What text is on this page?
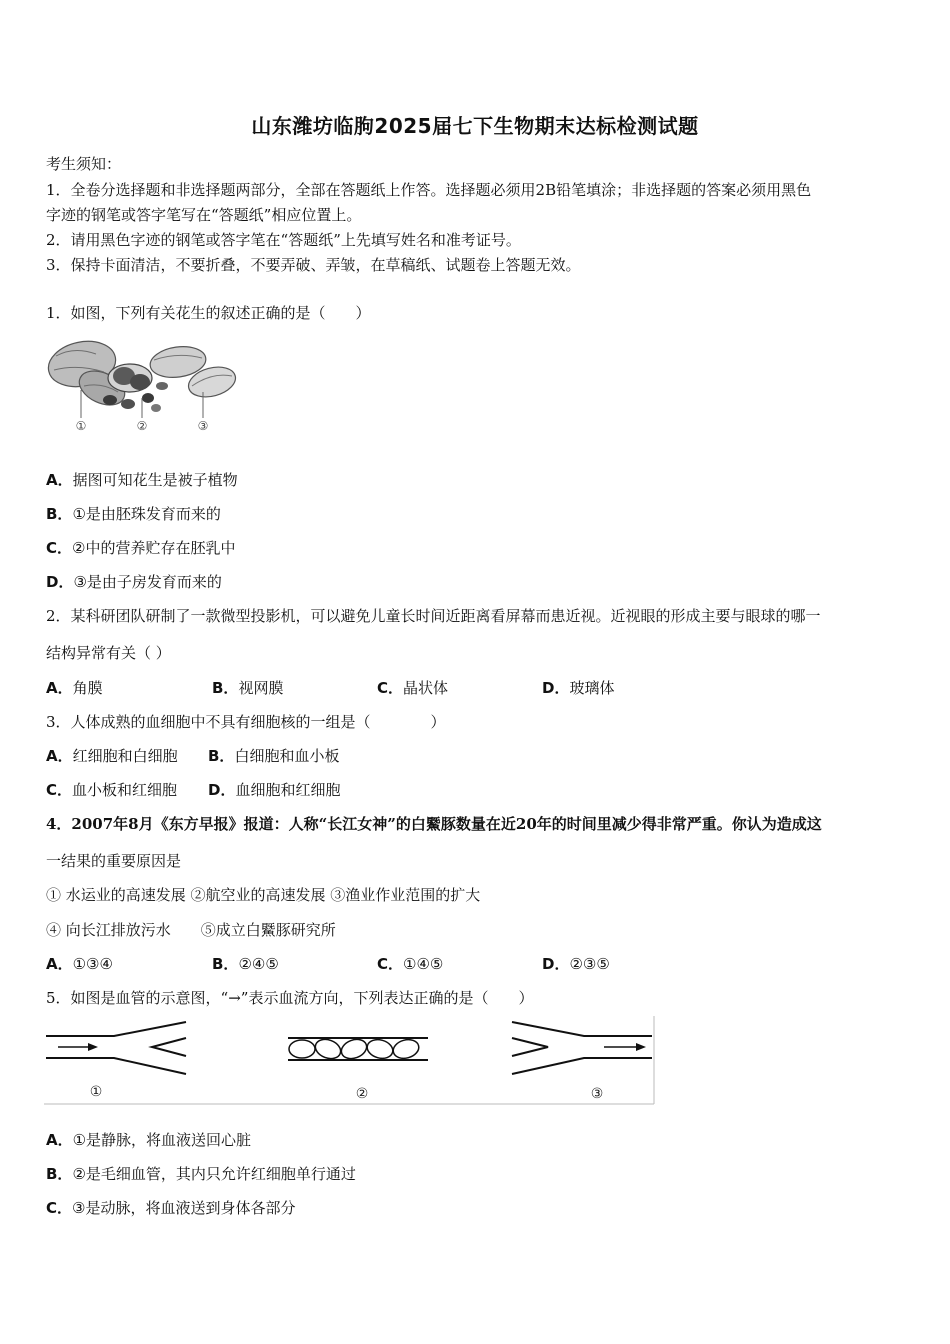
山东潍坊临朐2025届七下生物期末达标检测试题
考生须知：
1．全卷分选择题和非选择题两部分，全部在答题纸上作答。选择题必须用2B铅笔填涂；非选择题的答案必须用黑色
字迹的钢笔或答字笔写在“答题纸”相应位置上。
2．请用黑色字迹的钢笔或答字笔在“答题纸”上先填写姓名和准考证号。
3．保持卡面清洁，不要折叠，不要弄破、弄皱，在草稿纸、试题卷上答题无效。
1．如图，下列有关花生的叙述正确的是（　　）
①	②	③
A．据图可知花生是被子植物
B．①是由胚珠发育而来的
C．②中的营养贮存在胚乳中
D．③是由子房发育而来的
2．某科研团队研制了一款微型投影机，可以避免儿童长时间近距离看屏幕而患近视。近视眼的形成主要与眼球的哪一
结构异常有关（ ）
A．角膜	B．视网膜	C．晶状体	D．玻璃体
3．人体成熟的血细胞中不具有细胞核的一组是（　　　　）
A．红细胞和白细胞 B．白细胞和血小板
C．血小板和红细胞 D．血细胞和红细胞
4．2007年8月《东方早报》报道：人称“长江女神”的白鱀豚数量在近20年的时间里减少得非常严重。你认为造成这
一结果的重要原因是
① 水运业的高速发展 ②航空业的高速发展 ③渔业作业范围的扩大
④ 向长江排放污水　　⑤成立白鱀豚研究所
A．①③④	B．②④⑤	C．①④⑤	D．②③⑤
5．如图是血管的示意图，“→”表示血流方向，下列表达正确的是（　　）
①	②	③
A．①是静脉，将血液送回心脏
B．②是毛细血管，其内只允许红细胞单行通过
C．③是动脉，将血液送到身体各部分
